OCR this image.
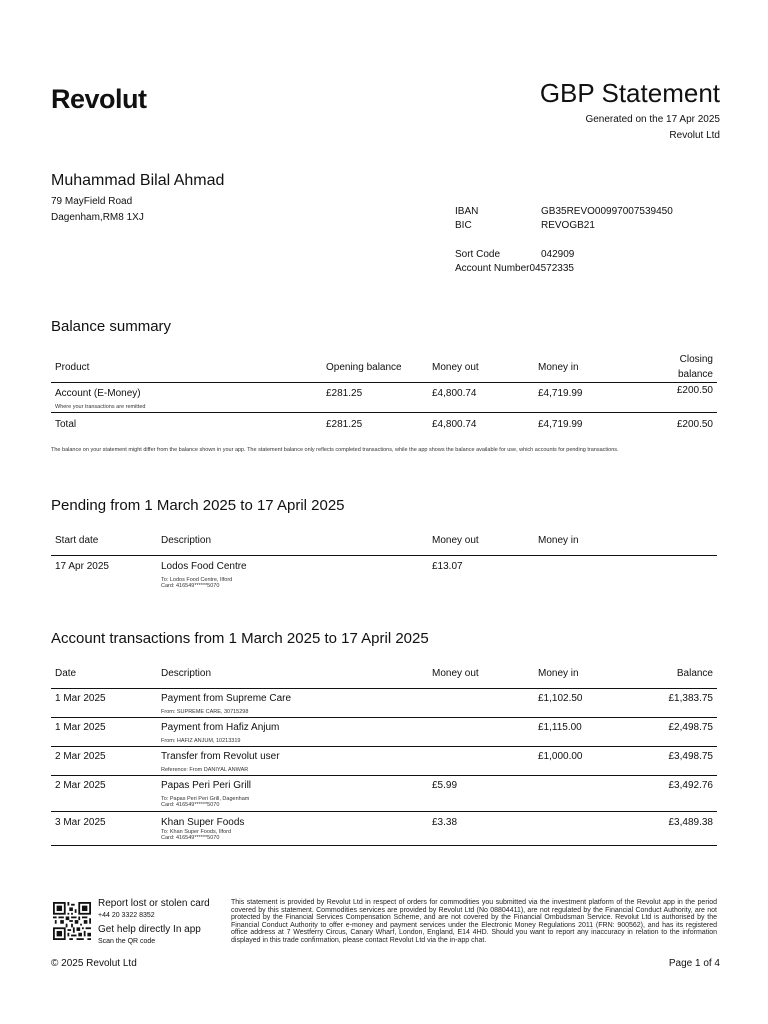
Revolut	GBP Statement
Generated on the 17 Apr 2025
Revolut Ltd
Muhammad Bilal Ahmad
79 MayField Road
Dagenham,RM8 1XJ
IBAN	GB35REVO00997007539450
BIC	REVOGB21
Sort Code	042909
Account Number 04572335
Balance summary
Product	Opening balance	Money out	Money in	Closing
balance
Account (E-Money)
Where your transactions are remitted	£281.25	£4,800.74	£4,719.99	£200.50
Total	£281.25	£4,800.74	£4,719.99	£200.50
The balance on your statement might differ from the balance shown in your app. The statement balance only reflects completed transactions, while the app shows the balance available for use, which accounts for pending transactions.
Pending from 1 March 2025 to 17 April 2025
Start date	Description	Money out	Money in
17 Apr 2025	Lodos Food Centre
To: Lodos Food Centre, Ilford
Card: 416549******5070	£13.07	
Account transactions from 1 March 2025 to 17 April 2025
Date	Description	Money out	Money in	Balance
1 Mar 2025	Payment from Supreme Care
From: SUPREME CARE, 30715298		£1,102.50	£1,383.75
1 Mar 2025	Payment from Hafiz Anjum
From: HAFIZ ANJUM, 10213319		£1,115.00	£2,498.75
2 Mar 2025	Transfer from Revolut user
Reference: From DANIYAL ANWAR		£1,000.00	£3,498.75
2 Mar 2025	Papas Peri Peri Grill
To: Papas Peri Peri Grill, Dagenham
Card: 416549******5070	£5.99		£3,492.76
3 Mar 2025	Khan Super Foods
To: Khan Super Foods, Ilford
Card: 416549******5070	£3.38		£3,489.38
Report lost or stolen card
+44 20 3322 8352
Get help directly In app
Scan the QR code
This statement is provided by Revolut Ltd in respect of orders for commodities you submitted via the investment platform of the Revolut app in the period covered by this statement. Commodities services are provided by Revolut Ltd (No 08804411), are not regulated by the Financial Conduct Authority, are not protected by the Financial Services Compensation Scheme, and are not covered by the Financial Ombudsman Service. Revolut Ltd is authorised by the Financial Conduct Authority to offer e-money and payment services under the Electronic Money Regulations 2011 (FRN: 900562), and has its registered office address at 7 Westferry Circus, Canary Wharf, London, England, E14 4HD. Should you want to report any inaccuracy in relation to the information displayed in this trade confirmation, please contact Revolut Ltd via the in-app chat.
© 2025 Revolut Ltd	Page 1 of 4
